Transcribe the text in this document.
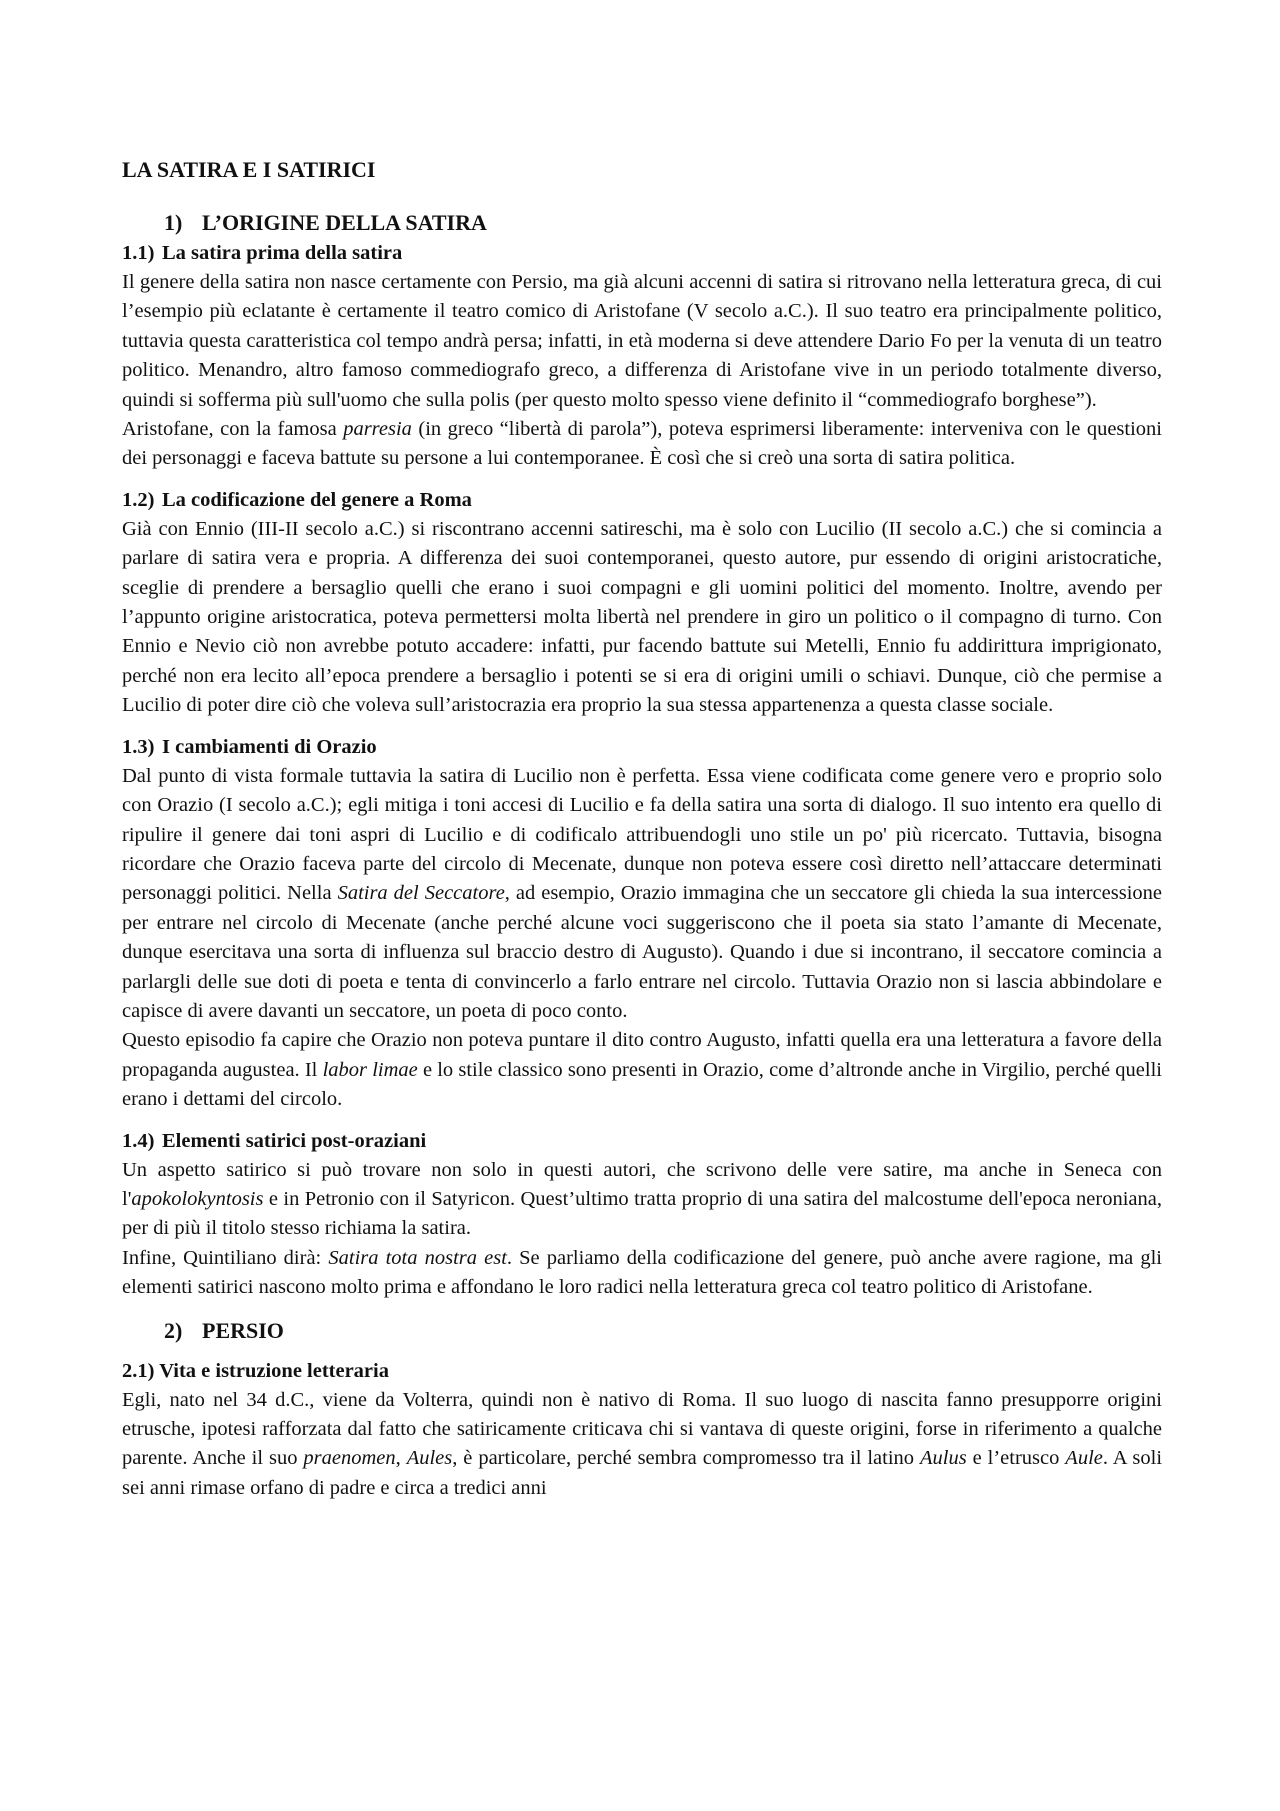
LA SATIRA E I SATIRICI
1) L’ORIGINE DELLA SATIRA
1.1) La satira prima della satira

Il genere della satira non nasce certamente con Persio, ma già alcuni accenni di satira si ritrovano nella letteratura greca, di cui l’esempio più eclatante è certamente il teatro comico di Aristofane (V secolo a.C.). Il suo teatro era principalmente politico, tuttavia questa caratteristica col tempo andrà persa; infatti, in età moderna si deve attendere Dario Fo per la venuta di un teatro politico. Menandro, altro famoso commediografo greco, a differenza di Aristofane vive in un periodo totalmente diverso, quindi si sofferma più sull'uomo che sulla polis (per questo molto spesso viene definito il “commediografo borghese”).

Aristofane, con la famosa parresia (in greco “libertà di parola”), poteva esprimersi liberamente: interveniva con le questioni dei personaggi e faceva battute su persone a lui contemporanee. È così che si creò una sorta di satira politica.

1.2) La codificazione del genere a Roma

Già con Ennio (III-II secolo a.C.) si riscontrano accenni satireschi, ma è solo con Lucilio (II secolo a.C.) che si comincia a parlare di satira vera e propria. A differenza dei suoi contemporanei, questo autore, pur essendo di origini aristocratiche, sceglie di prendere a bersaglio quelli che erano i suoi compagni e gli uomini politici del momento. Inoltre, avendo per l’appunto origine aristocratica, poteva permettersi molta libertà nel prendere in giro un politico o il compagno di turno. Con Ennio e Nevio ciò non avrebbe potuto accadere: infatti, pur facendo battute sui Metelli, Ennio fu addirittura imprigionato, perché non era lecito all’epoca prendere a bersaglio i potenti se si era di origini umili o schiavi. Dunque, ciò che permise a Lucilio di poter dire ciò che voleva sull’aristocrazia era proprio la sua stessa appartenenza a questa classe sociale.

1.3) I cambiamenti di Orazio

Dal punto di vista formale tuttavia la satira di Lucilio non è perfetta. Essa viene codificata come genere vero e proprio solo con Orazio (I secolo a.C.); egli mitiga i toni accesi di Lucilio e fa della satira una sorta di dialogo. Il suo intento era quello di ripulire il genere dai toni aspri di Lucilio e di codificalo attribuendogli uno stile un po' più ricercato. Tuttavia, bisogna ricordare che Orazio faceva parte del circolo di Mecenate, dunque non poteva essere così diretto nell’attaccare determinati personaggi politici. Nella Satira del Seccatore, ad esempio, Orazio immagina che un seccatore gli chieda la sua intercessione per entrare nel circolo di Mecenate (anche perché alcune voci suggeriscono che il poeta sia stato l’amante di Mecenate, dunque esercitava una sorta di influenza sul braccio destro di Augusto). Quando i due si incontrano, il seccatore comincia a parlargli delle sue doti di poeta e tenta di convincerlo a farlo entrare nel circolo. Tuttavia Orazio non si lascia abbindolare e capisce di avere davanti un seccatore, un poeta di poco conto.

Questo episodio fa capire che Orazio non poteva puntare il dito contro Augusto, infatti quella era una letteratura a favore della propaganda augustea. Il labor limae e lo stile classico sono presenti in Orazio, come d’altronde anche in Virgilio, perché quelli erano i dettami del circolo.

1.4) Elementi satirici post-oraziani

Un aspetto satirico si può trovare non solo in questi autori, che scrivono delle vere satire, ma anche in Seneca con l'apokolokyntosis e in Petronio con il Satyricon. Quest’ultimo tratta proprio di una satira del malcostume dell'epoca neroniana, per di più il titolo stesso richiama la satira.

Infine, Quintiliano dirà: Satira tota nostra est. Se parliamo della codificazione del genere, può anche avere ragione, ma gli elementi satirici nascono molto prima e affondano le loro radici nella letteratura greca col teatro politico di Aristofane.

2) PERSIO
2.1) Vita e istruzione letteraria

Egli, nato nel 34 d.C., viene da Volterra, quindi non è nativo di Roma. Il suo luogo di nascita fanno presupporre origini etrusche, ipotesi rafforzata dal fatto che satiricamente criticava chi si vantava di queste origini, forse in riferimento a qualche parente. Anche il suo praenomen, Aules, è particolare, perché sembra compromesso tra il latino Aulus e l’etrusco Aule. A soli sei anni rimase orfano di padre e circa a tredici anni
